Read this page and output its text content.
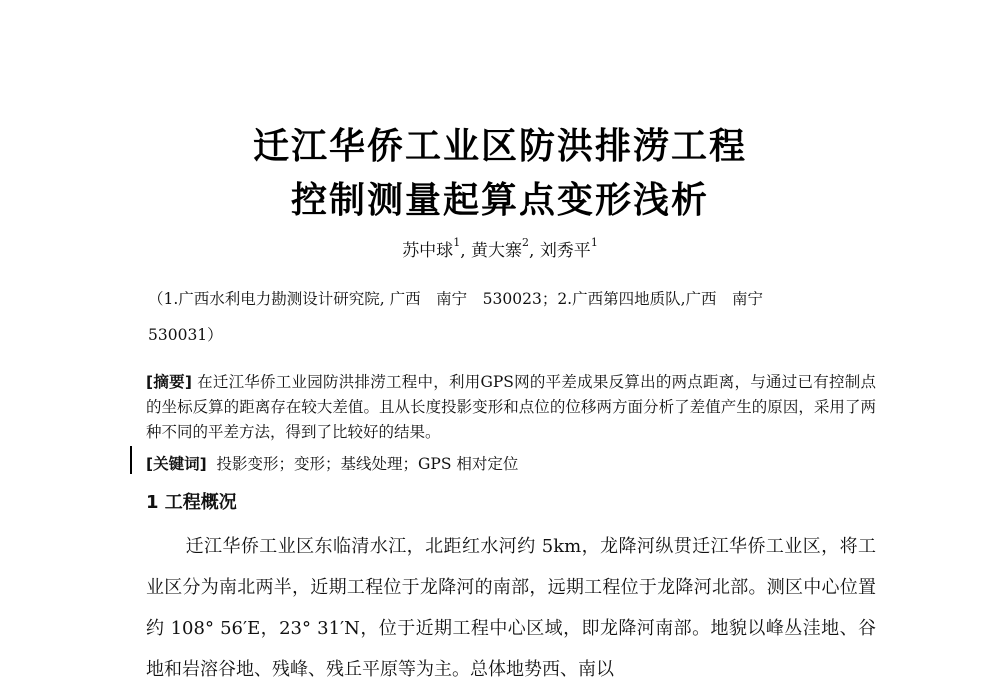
迁江华侨工业区防洪排涝工程
控制测量起算点变形浅析
苏中球$^1$, 黄大寨$^2$, 刘秀平$^1$
（1.广西水利电力勘测设计研究院, 广西　南宁　530023；2.广西第四地质队,广西　南宁
530031）
[摘要] 在迁江华侨工业园防洪排涝工程中，利用GPS网的平差成果反算出的两点距离，与通过已有控制点的坐标反算的距离存在较大差值。且从长度投影变形和点位的位移两方面分析了差值产生的原因，采用了两种不同的平差方法，得到了比较好的结果。
[关键词] 投影变形；变形；基线处理；GPS 相对定位
1 工程概况

迁江华侨工业区东临清水江，北距红水河约 5km，龙降河纵贯迁江华侨工业区，将工业区分为南北两半，近期工程位于龙降河的南部，远期工程位于龙降河北部。测区中心位置约 108° 56′E，23° 31′N，位于近期工程中心区域，即龙降河南部。地貌以峰丛洼地、谷地和岩溶谷地、残峰、残丘平原等为主。总体地势西、南以
